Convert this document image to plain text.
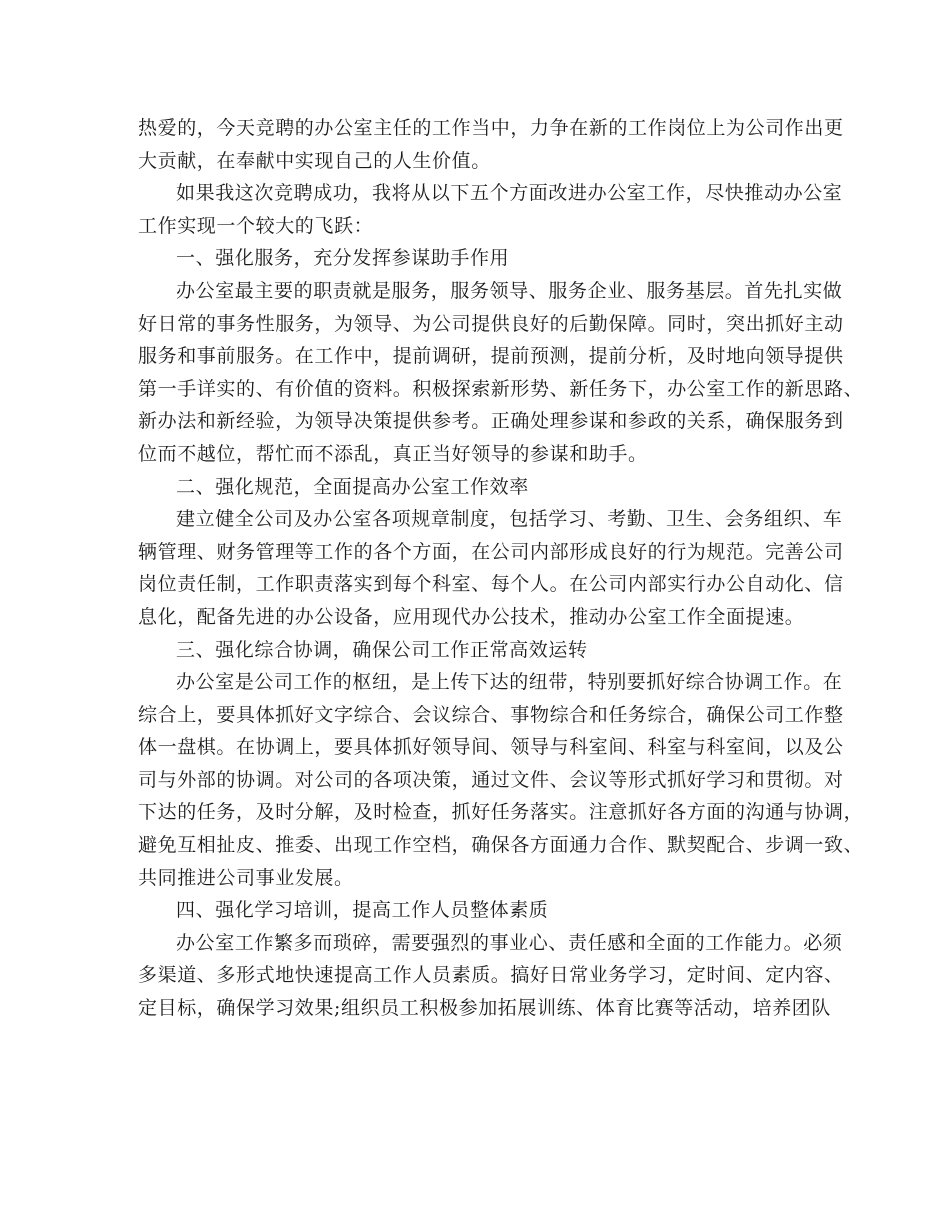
热爱的，今天竞聘的办公室主任的工作当中，力争在新的工作岗位上为公司作出更
大贡献，在奉献中实现自己的人生价值。
如果我这次竞聘成功，我将从以下五个方面改进办公室工作，尽快推动办公室
工作实现一个较大的飞跃：
一、强化服务，充分发挥参谋助手作用
办公室最主要的职责就是服务，服务领导、服务企业、服务基层。首先扎实做
好日常的事务性服务，为领导、为公司提供良好的后勤保障。同时，突出抓好主动
服务和事前服务。在工作中，提前调研，提前预测，提前分析，及时地向领导提供
第一手详实的、有价值的资料。积极探索新形势、新任务下，办公室工作的新思路、
新办法和新经验，为领导决策提供参考。正确处理参谋和参政的关系，确保服务到
位而不越位，帮忙而不添乱，真正当好领导的参谋和助手。
二、强化规范，全面提高办公室工作效率
建立健全公司及办公室各项规章制度，包括学习、考勤、卫生、会务组织、车
辆管理、财务管理等工作的各个方面，在公司内部形成良好的行为规范。完善公司
岗位责任制，工作职责落实到每个科室、每个人。在公司内部实行办公自动化、信
息化，配备先进的办公设备，应用现代办公技术，推动办公室工作全面提速。
三、强化综合协调，确保公司工作正常高效运转
办公室是公司工作的枢纽，是上传下达的纽带，特别要抓好综合协调工作。在
综合上，要具体抓好文字综合、会议综合、事物综合和任务综合，确保公司工作整
体一盘棋。在协调上，要具体抓好领导间、领导与科室间、科室与科室间，以及公
司与外部的协调。对公司的各项决策，通过文件、会议等形式抓好学习和贯彻。对
下达的任务，及时分解，及时检查，抓好任务落实。注意抓好各方面的沟通与协调，
避免互相扯皮、推委、出现工作空档，确保各方面通力合作、默契配合、步调一致、
共同推进公司事业发展。
四、强化学习培训，提高工作人员整体素质
办公室工作繁多而琐碎，需要强烈的事业心、责任感和全面的工作能力。必须
多渠道、多形式地快速提高工作人员素质。搞好日常业务学习，定时间、定内容、
定目标，确保学习效果;组织员工积极参加拓展训练、体育比赛等活动，培养团队
